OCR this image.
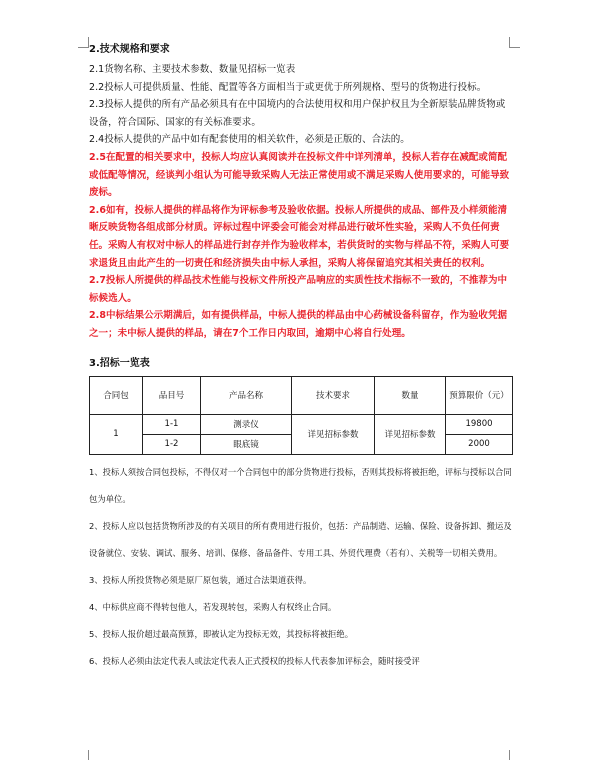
2.技术规格和要求

2.1货物名称、主要技术参数、数量见招标一览表

2.2投标人可提供质量、性能、配置等各方面相当于或更优于所列规格、型号的货物进行投标。

2.3投标人提供的所有产品必须具有在中国境内的合法使用权和用户保护权且为全新原装品牌货物或设备，符合国际、国家的有关标准要求。

2.4投标人提供的产品中如有配套使用的相关软件，必须是正版的、合法的。

2.5在配置的相关要求中，投标人均应认真阅读并在投标文件中详列清单，投标人若存在减配或简配或低配等情况，经谈判小组认为可能导致采购人无法正常使用或不满足采购人使用要求的，可能导致废标。

2.6如有，投标人提供的样品将作为评标参考及验收依据。投标人所提供的成品、部件及小样须能清晰反映货物各组成部分材质。评标过程中评委会可能会对样品进行破坏性实验，采购人不负任何责任。采购人有权对中标人的样品进行封存并作为验收样本，若供货时的实物与样品不符，采购人可要求退货且由此产生的一切责任和经济损失由中标人承担，采购人将保留追究其相关责任的权利。

2.7投标人所提供的样品技术性能与投标文件所投产品响应的实质性技术指标不一致的，不推荐为中标候选人。

2.8中标结果公示期满后，如有提供样品，中标人提供的样品由中心药械设备科留存，作为验收凭据之一；未中标人提供的样品，请在7个工作日内取回，逾期中心将自行处理。

3.招标一览表

合同包	品目号	产品名称	技术要求	数量	预算限价（元）
1	1-1	测录仪	详见招标参数	详见招标参数	19800
	1-2	眼底镜			2000

1、投标人须按合同包投标，不得仅对一个合同包中的部分货物进行投标，否则其投标将被拒绝，评标与授标以合同包为单位。

2、投标人应以包括货物所涉及的有关项目的所有费用进行报价，包括：产品制造、运输、保险、设备拆卸、搬运及设备就位、安装、调试、服务、培训、保修、备品备件、专用工具、外贸代理费（若有）、关税等一切相关费用。

3、投标人所投货物必须是原厂原包装，通过合法渠道获得。

4、中标供应商不得转包他人，若发现转包，采购人有权终止合同。

5、投标人报价超过最高预算，即被认定为投标无效，其投标将被拒绝。

6、投标人必须由法定代表人或法定代表人正式授权的投标人代表参加评标会，随时接受评
